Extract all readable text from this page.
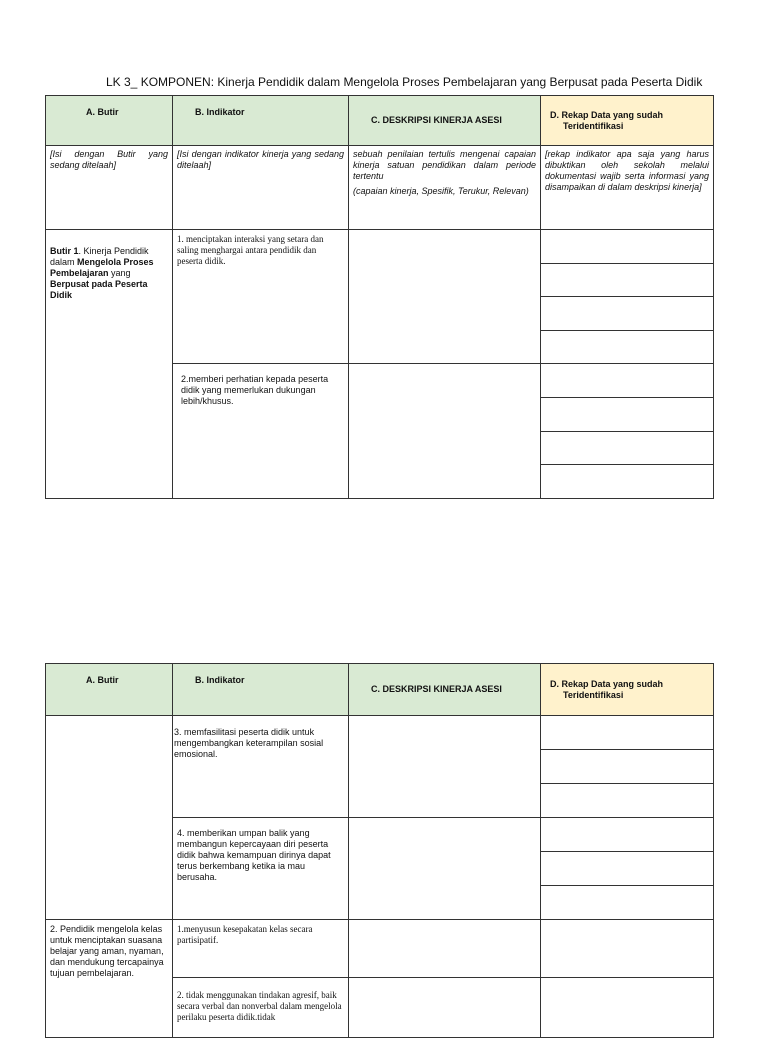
LK 3_ KOMPONEN: Kinerja Pendidik dalam Mengelola Proses Pembelajaran yang Berpusat pada Peserta Didik
A. Butir	B. Indikator	C. DESKRIPSI KINERJA ASESI	D. Rekap Data yang sudah
Teridentifikasi

[Isi dengan Butir yang sedang ditelaah]	[Isi dengan indikator kinerja yang sedang ditelaah]	sebuah penilaian tertulis mengenai capaian kinerja satuan pendidikan dalam periode tertentu

(capaian kinerja, Spesifik, Terukur, Relevan)	[rekap indikator apa saja yang harus dibuktikan oleh sekolah melalui dokumentasi wajib serta informasi yang disampaikan di dalam deskripsi kinerja]
Butir 1. Kinerja Pendidik dalam Mengelola Proses Pembelajaran yang Berpusat pada Peserta Didik	1. menciptakan interaksi yang setara dan saling menghargai antara pendidik dan peserta didik.		

	2.memberi perhatian kepada peserta didik yang memerlukan dukungan lebih/khusus.		
A. Butir	B. Indikator	C. DESKRIPSI KINERJA ASESI	D. Rekap Data yang sudah
Teridentifikasi

	3. memfasilitasi peserta didik untuk mengembangkan keterampilan sosial emosional.		

	4. memberikan umpan balik yang membangun kepercayaan diri peserta didik bahwa kemampuan dirinya dapat terus berkembang ketika ia mau berusaha.		

2. Pendidik mengelola kelas untuk menciptakan suasana belajar yang aman, nyaman, dan mendukung tercapainya tujuan pembelajaran.	1.menyusun kesepakatan kelas secara partisipatif.		
	2. tidak menggunakan tindakan agresif, baik secara verbal dan nonverbal dalam mengelola perilaku peserta didik.tidak		
